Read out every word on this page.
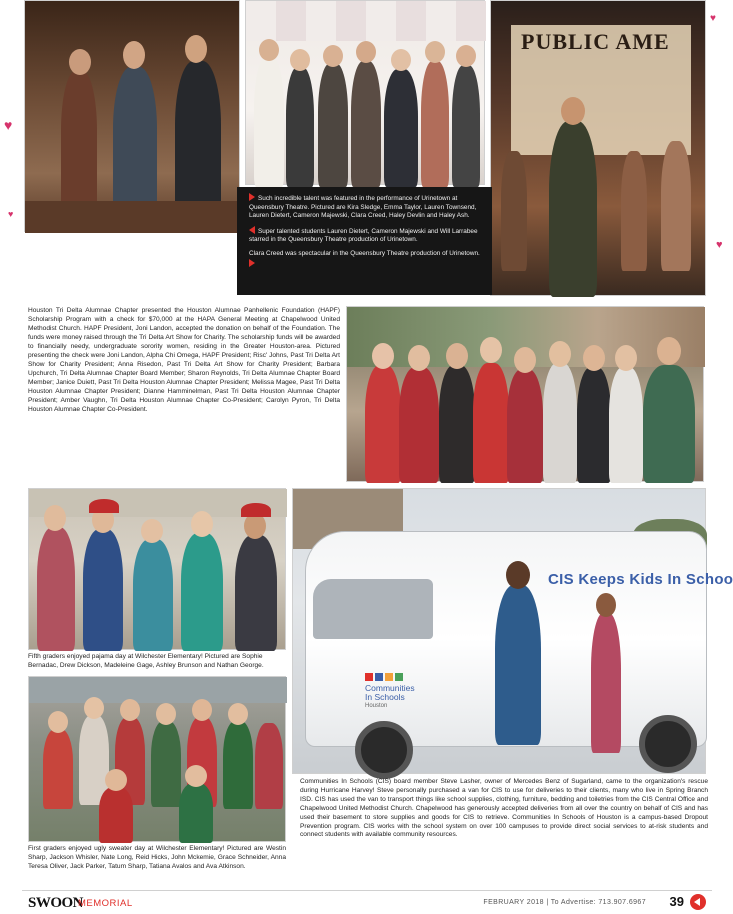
♥
♥
♥
♥
PUBLIC AME

Such incredible talent was featured in the performance of Urinetown at Queensbury Theatre. Pictured are Kira Sledge, Emma Taylor, Lauren Townsend, Lauren Dietert, Cameron Majewski, Clara Creed, Haley Devlin and Haley Ash.

Super talented students Lauren Dietert, Cameron Majewski and Will Larrabee starred in the Queensbury Theatre production of Urinetown.

Clara Creed was spectacular in the Queensbury Theatre production of Urinetown.

Houston Tri Delta Alumnae Chapter presented the Houston Alumnae Panhellenic Foundation (HAPF) Scholarship Program with a check for $70,000 at the HAPA General Meeting at Chapelwood United Methodist Church. HAPF President, Joni Landon, accepted the donation on behalf of the Foundation. The funds were money raised through the Tri Delta Art Show for Charity. The scholarship funds will be awarded to financially needy, undergraduate sorority women, residing in the Greater Houston-area. Pictured presenting the check were Joni Landon, Alpha Chi Omega, HAPF President; Risc' Johns, Past Tri Delta Art Show for Charity President; Anna Risedon, Past Tri Delta Art Show for Charity President; Barbara Upchurch, Tri Delta Alumnae Chapter Board Member; Sharon Reynolds, Tri Delta Alumnae Chapter Board Member; Janice Duiett, Past Tri Delta Houston Alumnae Chapter President; Melissa Magee, Past Tri Delta Houston Alumnae Chapter President; Dianne Hamminelman, Past Tri Delta Houston Alumnae Chapter President; Amber Vaughn, Tri Delta Houston Alumnae Chapter Co-President; Carolyn Pyron, Tri Delta Houston Alumnae Chapter Co-President.
Fifth graders enjoyed pajama day at Wilchester Elementary! Pictured are Sophie Bernadac, Drew Dickson, Madeleine Gage, Ashley Brunson and Nathan George.
First graders enjoyed ugly sweater day at Wilchester Elementary! Pictured are Westin Sharp, Jackson Whisler, Nate Long, Reid Hicks, John Mckemie, Grace Schneider, Anna Teresa Oliver, Jack Parker, Tatum Sharp, Tatiana Avalos and Ava Atkinson.
CIS Keeps Kids In Schoo
Communities
In Schools
Houston
Communities In Schools (CIS) board member Steve Lasher, owner of Mercedes Benz of Sugarland, came to the organization's rescue during Hurricane Harvey! Steve personally purchased a van for CIS to use for deliveries to their clients, many who live in Spring Branch ISD. CIS has used the van to transport things like school supplies, clothing, furniture, bedding and toiletries from the CIS Central Office and Chapelwood United Methodist Church. Chapelwood has generously accepted deliveries from all over the country on behalf of CIS and has used their basement to store supplies and goods for CIS to retrieve. Communities In Schools of Houston is a campus-based Dropout Prevention program. CIS works with the school system on over 100 campuses to provide direct social services to at-risk students and connect students with available community resources.
SWOON
MEMORIAL	FEBRUARY 2018 | To Advertise: 713.907.6967 39
